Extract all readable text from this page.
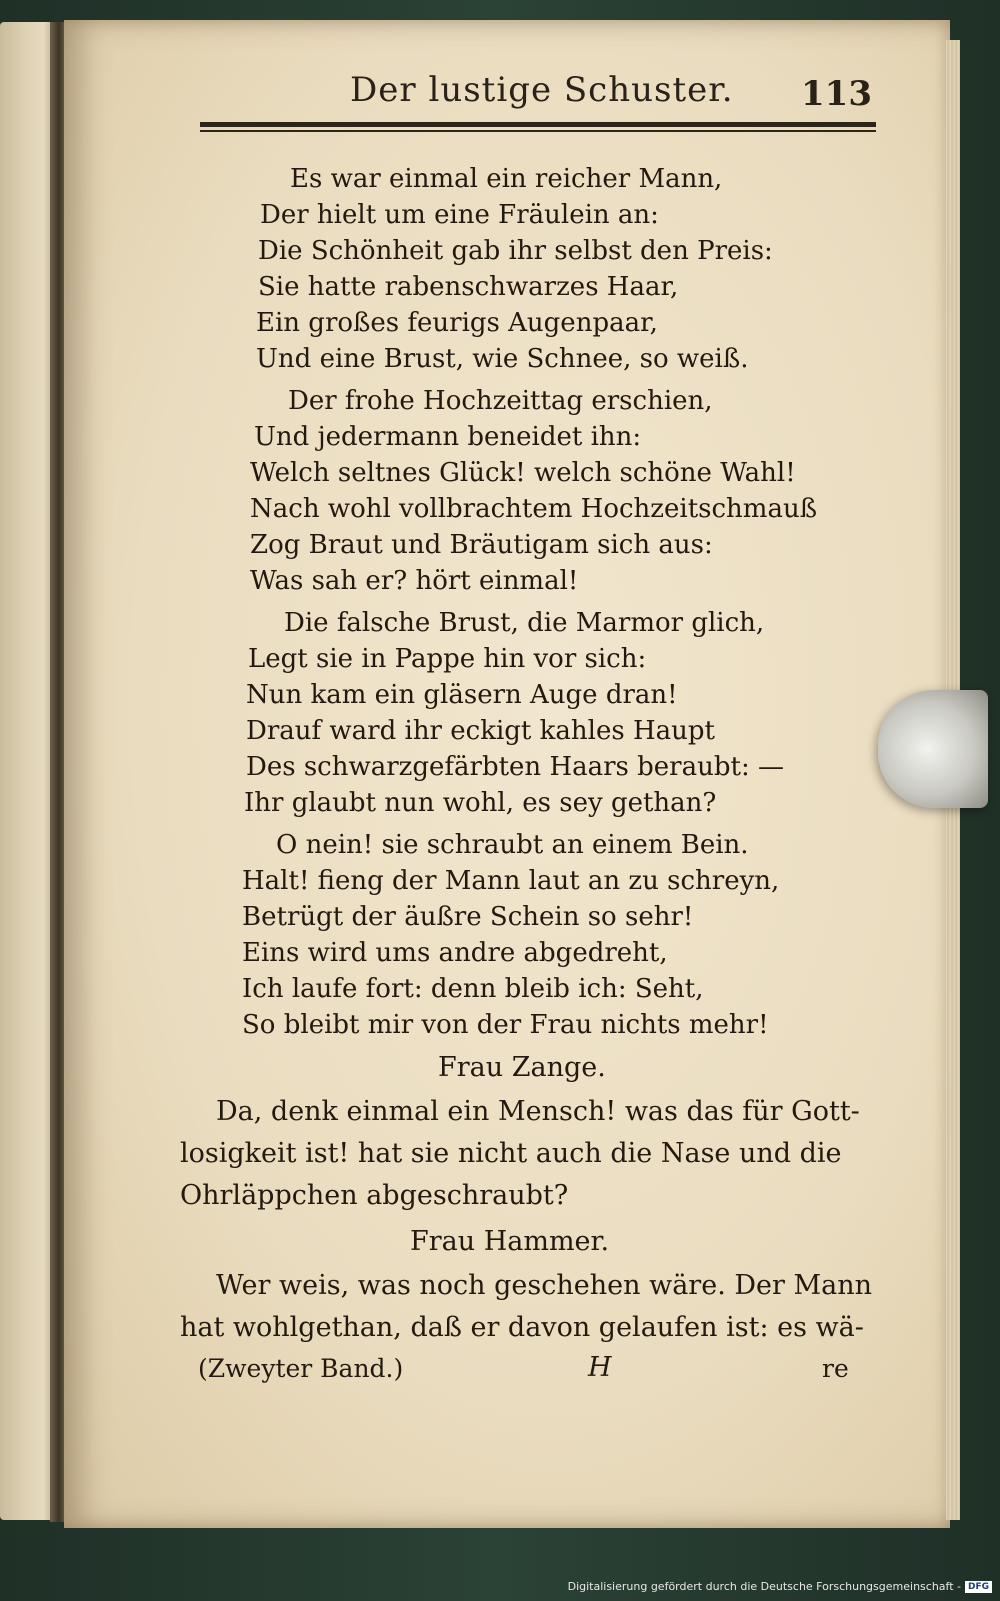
Der lustige Schuster. 113
Es war einmal ein reicher Mann,
Der hielt um eine Fräulein an:
Die Schönheit gab ihr selbst den Preis:
Sie hatte rabenschwarzes Haar,
Ein großes feurigs Augenpaar,
Und eine Brust, wie Schnee, so weiß.
Der frohe Hochzeittag erschien,
Und jedermann beneidet ihn:
Welch seltnes Glück! welch schöne Wahl!
Nach wohl vollbrachtem Hochzeitschmauß
Zog Braut und Bräutigam sich aus:
Was sah er? hört einmal!
Die falsche Brust, die Marmor glich,
Legt sie in Pappe hin vor sich:
Nun kam ein gläsern Auge dran!
Drauf ward ihr eckigt kahles Haupt
Des schwarzgefärbten Haars beraubt: —
Ihr glaubt nun wohl, es sey gethan?
O nein! sie schraubt an einem Bein.
Halt! fieng der Mann laut an zu schreyn,
Betrügt der äußre Schein so sehr!
Eins wird ums andre abgedreht,
Ich laufe fort: denn bleib ich: Seht,
So bleibt mir von der Frau nichts mehr!
Frau Zange.
Da, denk einmal ein Mensch! was das für Gott-
losigkeit ist! hat sie nicht auch die Nase und die
Ohrläppchen abgeschraubt?
Frau Hammer.
Wer weis, was noch geschehen wäre. Der Mann
hat wohlgethan, daß er davon gelaufen ist: es wä-
(Zweyter Band.)	H	re
Digitalisierung gefördert durch die Deutsche Forschungsgemeinschaft - DFG
